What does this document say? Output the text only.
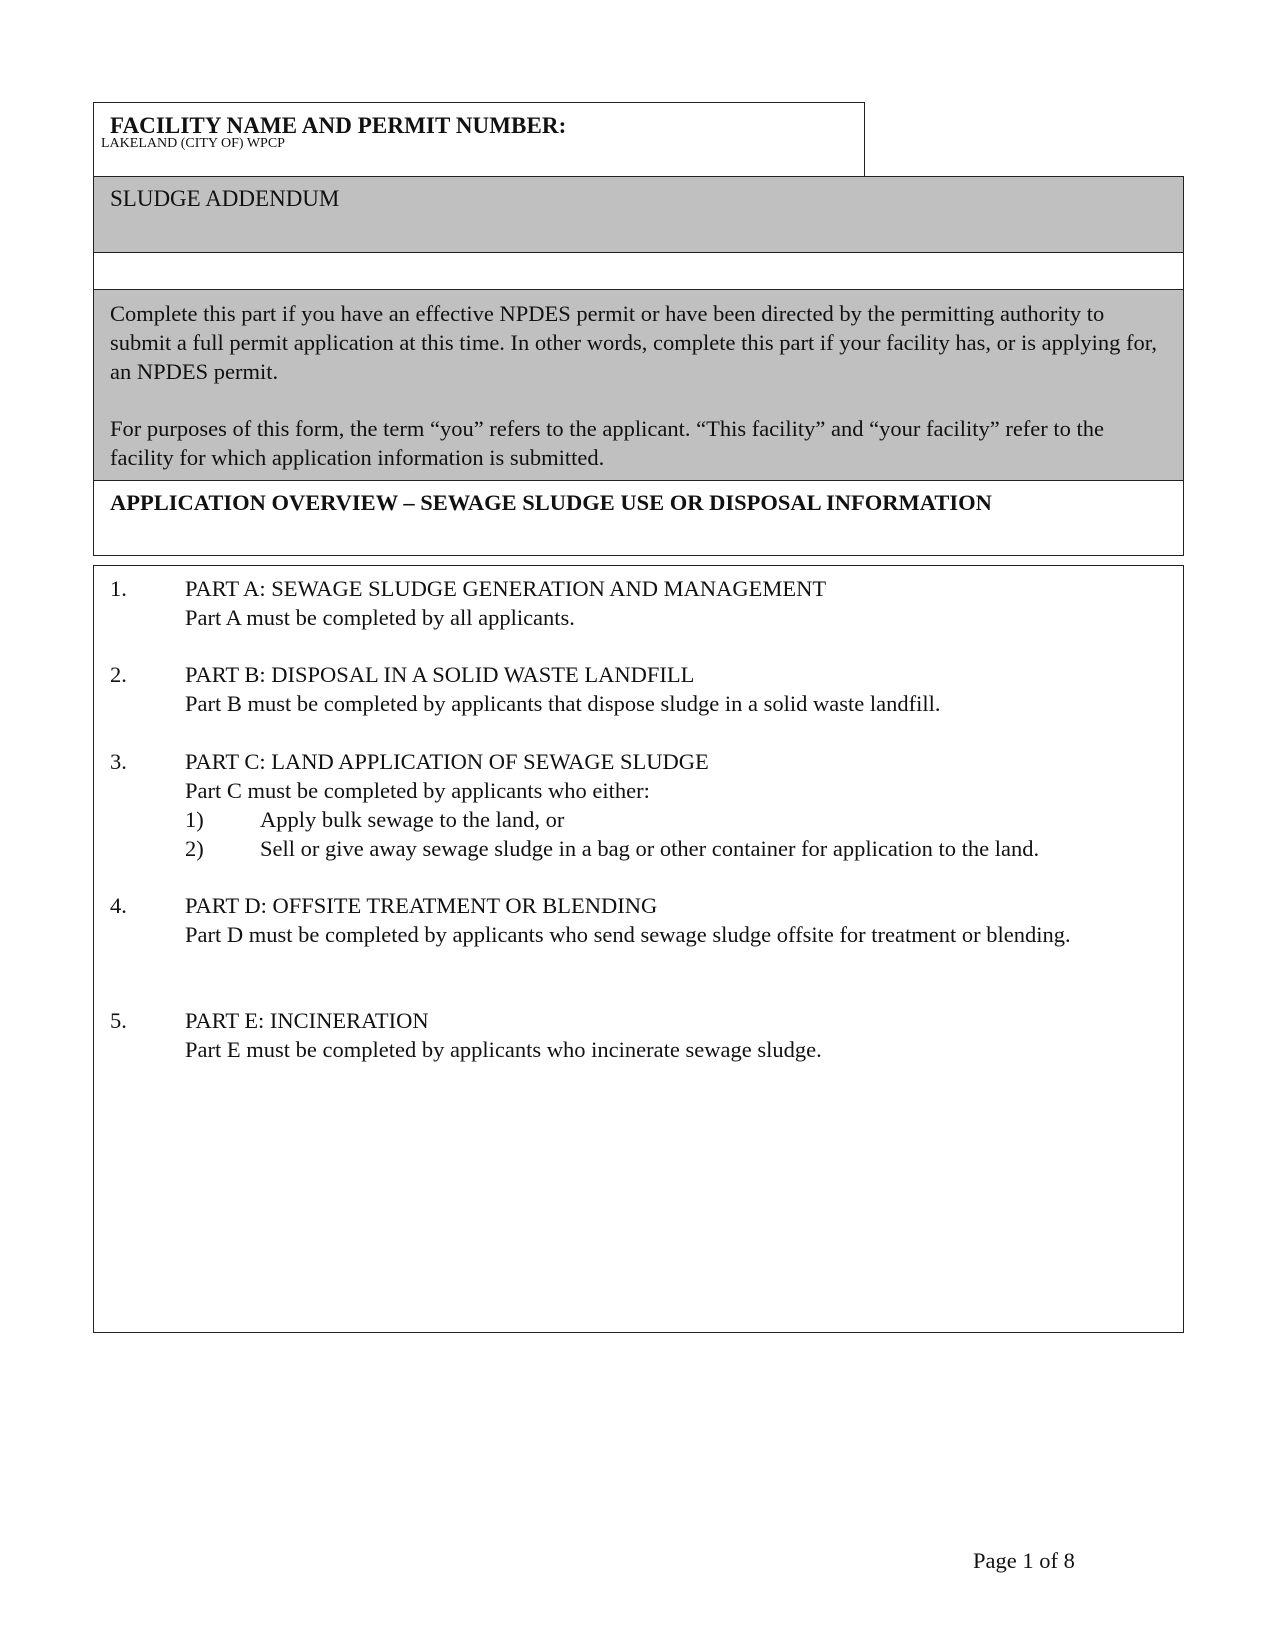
FACILITY NAME AND PERMIT NUMBER:
LAKELAND (CITY OF) WPCP
SLUDGE ADDENDUM

Complete this part if you have an effective NPDES permit or have been directed by the permitting authority to submit a full permit application at this time. In other words, complete this part if your facility has, or is applying for, an NPDES permit.

For purposes of this form, the term “you” refers to the applicant. “This facility” and “your facility” refer to the facility for which application information is submitted.

APPLICATION OVERVIEW – SEWAGE SLUDGE USE OR DISPOSAL INFORMATION
1.	PART A: SEWAGE SLUDGE GENERATION AND MANAGEMENT
Part A must be completed by all applicants.
2.	PART B: DISPOSAL IN A SOLID WASTE LANDFILL
Part B must be completed by applicants that dispose sludge in a solid waste landfill.
3.	PART C: LAND APPLICATION OF SEWAGE SLUDGE
Part C must be completed by applicants who either:
1)	Apply bulk sewage to the land, or
2)	Sell or give away sewage sludge in a bag or other container for application to the land.
4.	PART D: OFFSITE TREATMENT OR BLENDING
Part D must be completed by applicants who send sewage sludge offsite for treatment or blending.
5.	PART E: INCINERATION
Part E must be completed by applicants who incinerate sewage sludge.
Page 1 of 8
